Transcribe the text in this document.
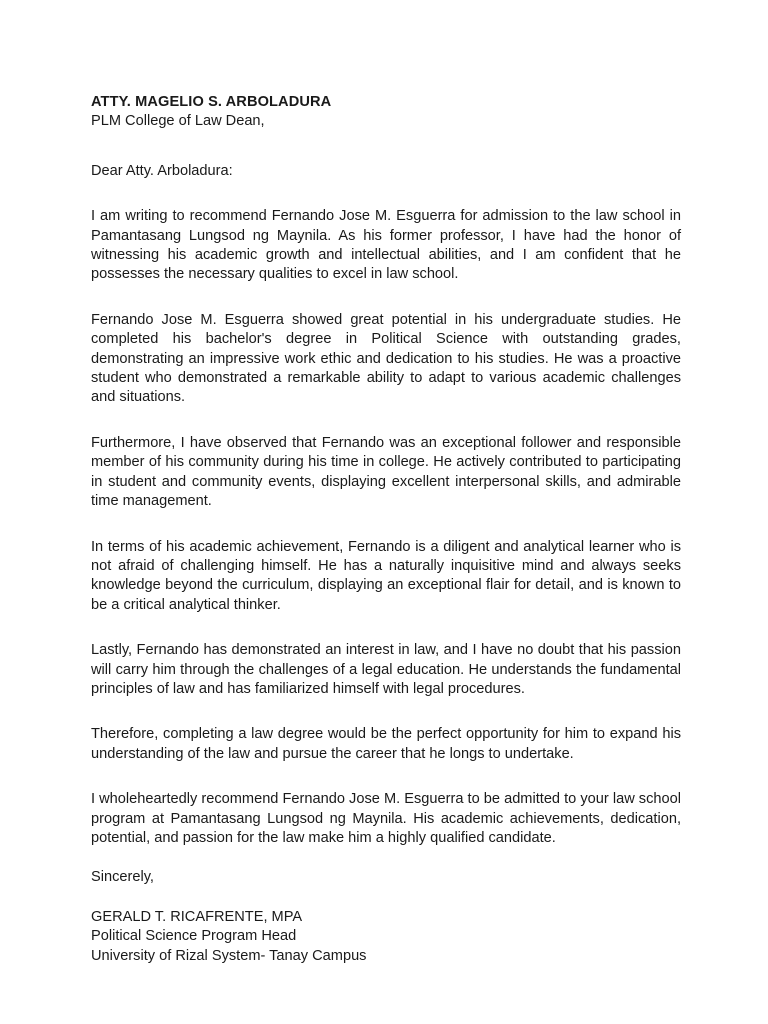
ATTY. MAGELIO S. ARBOLADURA

PLM College of Law Dean,

Dear Atty. Arboladura:

I am writing to recommend Fernando Jose M. Esguerra for admission to the law school in Pamantasang Lungsod ng Maynila. As his former professor, I have had the honor of witnessing his academic growth and intellectual abilities, and I am confident that he possesses the necessary qualities to excel in law school.

Fernando Jose M. Esguerra showed great potential in his undergraduate studies. He completed his bachelor's degree in Political Science with outstanding grades, demonstrating an impressive work ethic and dedication to his studies. He was a proactive student who demonstrated a remarkable ability to adapt to various academic challenges and situations.

Furthermore, I have observed that Fernando was an exceptional follower and responsible member of his community during his time in college. He actively contributed to participating in student and community events, displaying excellent interpersonal skills, and admirable time management.

In terms of his academic achievement, Fernando is a diligent and analytical learner who is not afraid of challenging himself. He has a naturally inquisitive mind and always seeks knowledge beyond the curriculum, displaying an exceptional flair for detail, and is known to be a critical analytical thinker.

Lastly, Fernando has demonstrated an interest in law, and I have no doubt that his passion will carry him through the challenges of a legal education. He understands the fundamental principles of law and has familiarized himself with legal procedures.

Therefore, completing a law degree would be the perfect opportunity for him to expand his understanding of the law and pursue the career that he longs to undertake.

I wholeheartedly recommend Fernando Jose M. Esguerra to be admitted to your law school program at Pamantasang Lungsod ng Maynila. His academic achievements, dedication, potential, and passion for the law make him a highly qualified candidate.

Sincerely,

GERALD T. RICAFRENTE, MPA

Political Science Program Head

University of Rizal System- Tanay Campus
